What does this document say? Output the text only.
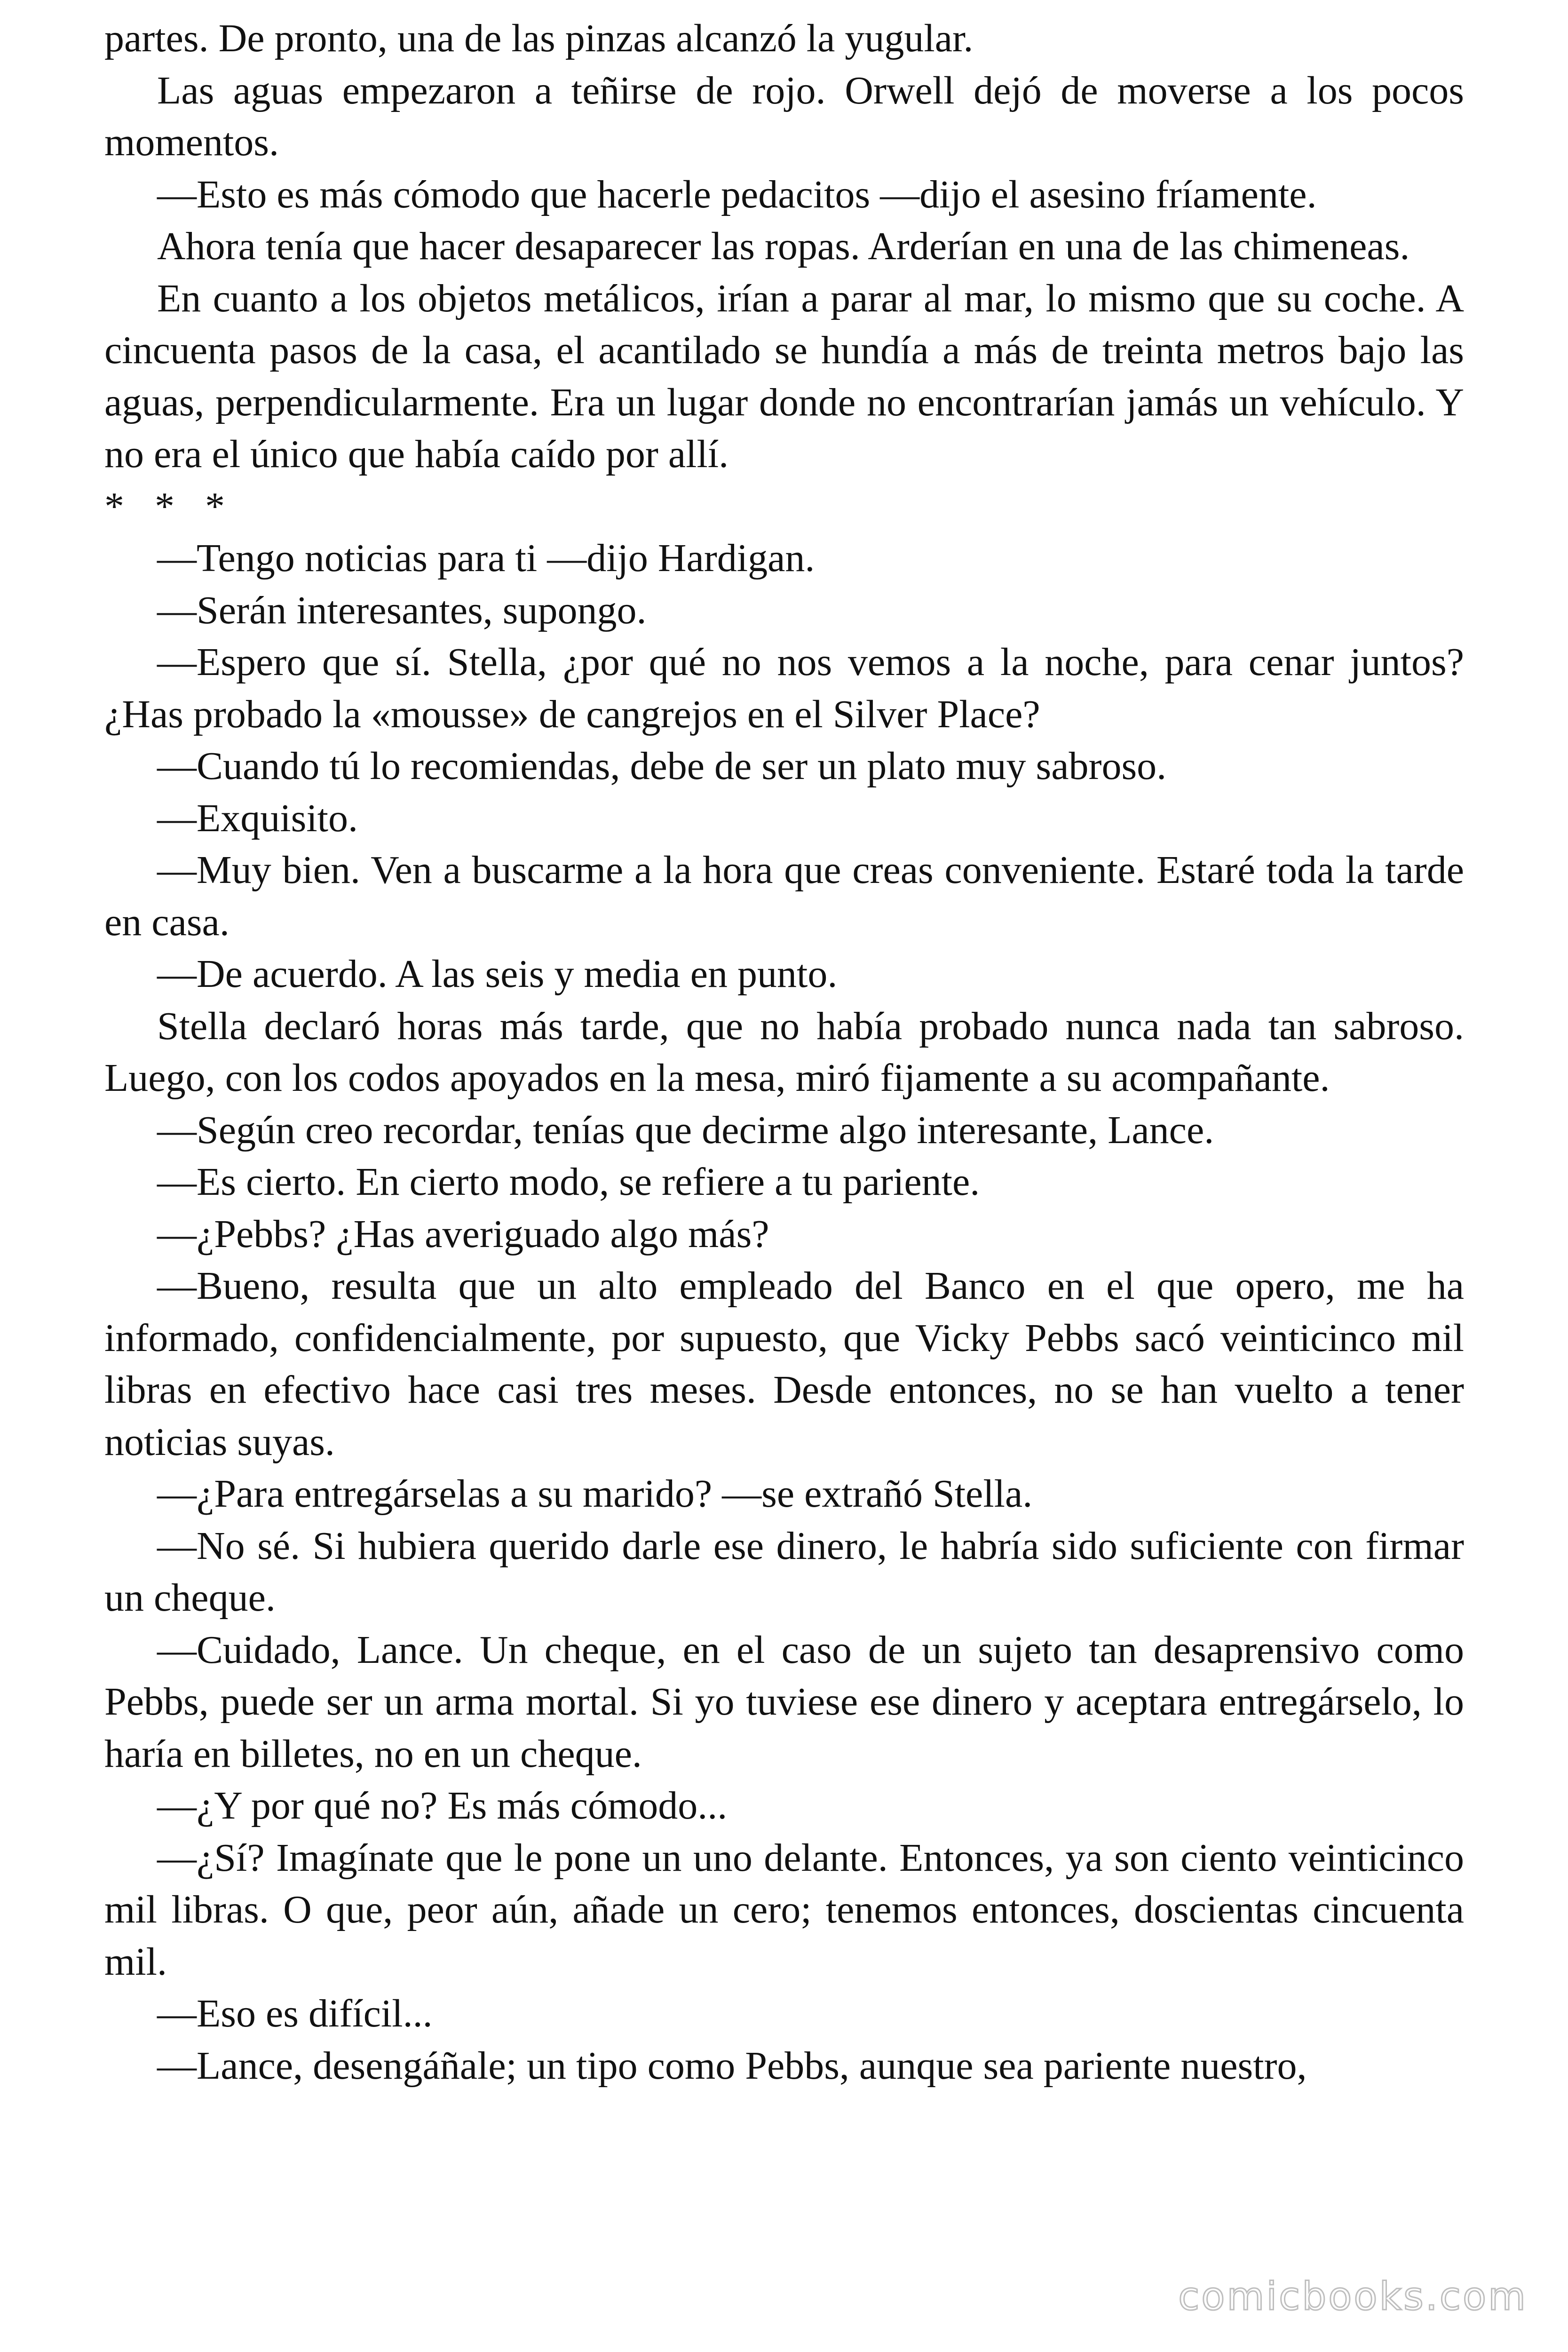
partes. De pronto, una de las pinzas alcanzó la yugular.

Las aguas empezaron a teñirse de rojo. Orwell dejó de moverse a los pocos momentos.

—Esto es más cómodo que hacerle pedacitos —dijo el asesino fríamente.

Ahora tenía que hacer desaparecer las ropas. Arderían en una de las chimeneas.

En cuanto a los objetos metálicos, irían a parar al mar, lo mismo que su coche. A cincuenta pasos de la casa, el acantilado se hundía a más de treinta metros bajo las aguas, perpendicularmente. Era un lugar donde no encontrarían jamás un vehículo. Y no era el único que había caído por allí.

* * *

—Tengo noticias para ti —dijo Hardigan.

—Serán interesantes, supongo.

—Espero que sí. Stella, ¿por qué no nos vemos a la noche, para cenar juntos? ¿Has probado la «mousse» de cangrejos en el Silver Place?

—Cuando tú lo recomiendas, debe de ser un plato muy sabroso.

—Exquisito.

—Muy bien. Ven a buscarme a la hora que creas conveniente. Estaré toda la tarde en casa.

—De acuerdo. A las seis y media en punto.

Stella declaró horas más tarde, que no había probado nunca nada tan sabroso. Luego, con los codos apoyados en la mesa, miró fijamente a su acompañante.

—Según creo recordar, tenías que decirme algo interesante, Lance.

—Es cierto. En cierto modo, se refiere a tu pariente.

—¿Pebbs? ¿Has averiguado algo más?

—Bueno, resulta que un alto empleado del Banco en el que opero, me ha informado, confidencialmente, por supuesto, que Vicky Pebbs sacó veinticinco mil libras en efectivo hace casi tres meses. Desde entonces, no se han vuelto a tener noticias suyas.

—¿Para entregárselas a su marido? —se extrañó Stella.

—No sé. Si hubiera querido darle ese dinero, le habría sido suficiente con firmar un cheque.

—Cuidado, Lance. Un cheque, en el caso de un sujeto tan desaprensivo como Pebbs, puede ser un arma mortal. Si yo tuviese ese dinero y aceptara entregárselo, lo haría en billetes, no en un cheque.

—¿Y por qué no? Es más cómodo...

—¿Sí? Imagínate que le pone un uno delante. Entonces, ya son ciento veinticinco mil libras. O que, peor aún, añade un cero; tenemos entonces, doscientas cincuenta mil.

—Eso es difícil...

—Lance, desengáñale; un tipo como Pebbs, aunque sea pariente nuestro,

comicbooks.com
